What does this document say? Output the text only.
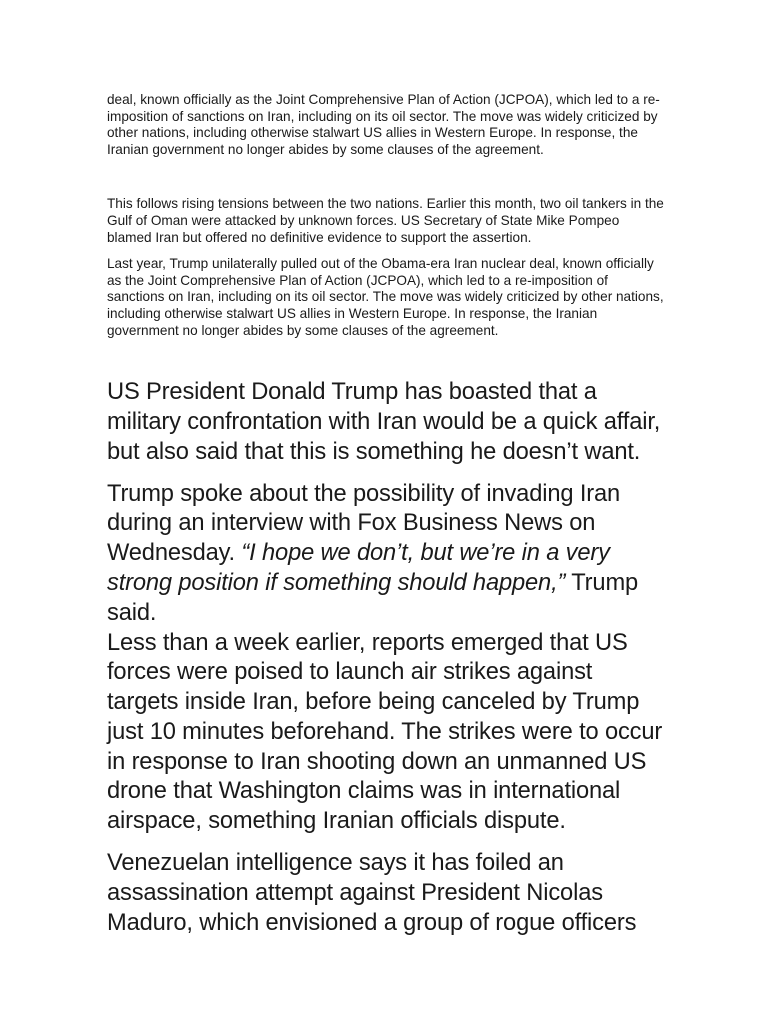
deal, known officially as the Joint Comprehensive Plan of Action (JCPOA), which led to a re-imposition of sanctions on Iran, including on its oil sector. The move was widely criticized by other nations, including otherwise stalwart US allies in Western Europe. In response, the Iranian government no longer abides by some clauses of the agreement.

This follows rising tensions between the two nations. Earlier this month, two oil tankers in the Gulf of Oman were attacked by unknown forces. US Secretary of State Mike Pompeo blamed Iran but offered no definitive evidence to support the assertion.

Last year, Trump unilaterally pulled out of the Obama-era Iran nuclear deal, known officially as the Joint Comprehensive Plan of Action (JCPOA), which led to a re-imposition of sanctions on Iran, including on its oil sector. The move was widely criticized by other nations, including otherwise stalwart US allies in Western Europe. In response, the Iranian government no longer abides by some clauses of the agreement.

US President Donald Trump has boasted that a military confrontation with Iran would be a quick affair, but also said that this is something he doesn’t want.

Trump spoke about the possibility of invading Iran during an interview with Fox Business News on Wednesday. “I hope we don’t, but we’re in a very strong position if something should happen,” Trump said.

Less than a week earlier, reports emerged that US forces were poised to launch air strikes against targets inside Iran, before being canceled by Trump just 10 minutes beforehand. The strikes were to occur in response to Iran shooting down an unmanned US drone that Washington claims was in international airspace, something Iranian officials dispute.

Venezuelan intelligence says it has foiled an assassination attempt against President Nicolas Maduro, which envisioned a group of rogue officers
